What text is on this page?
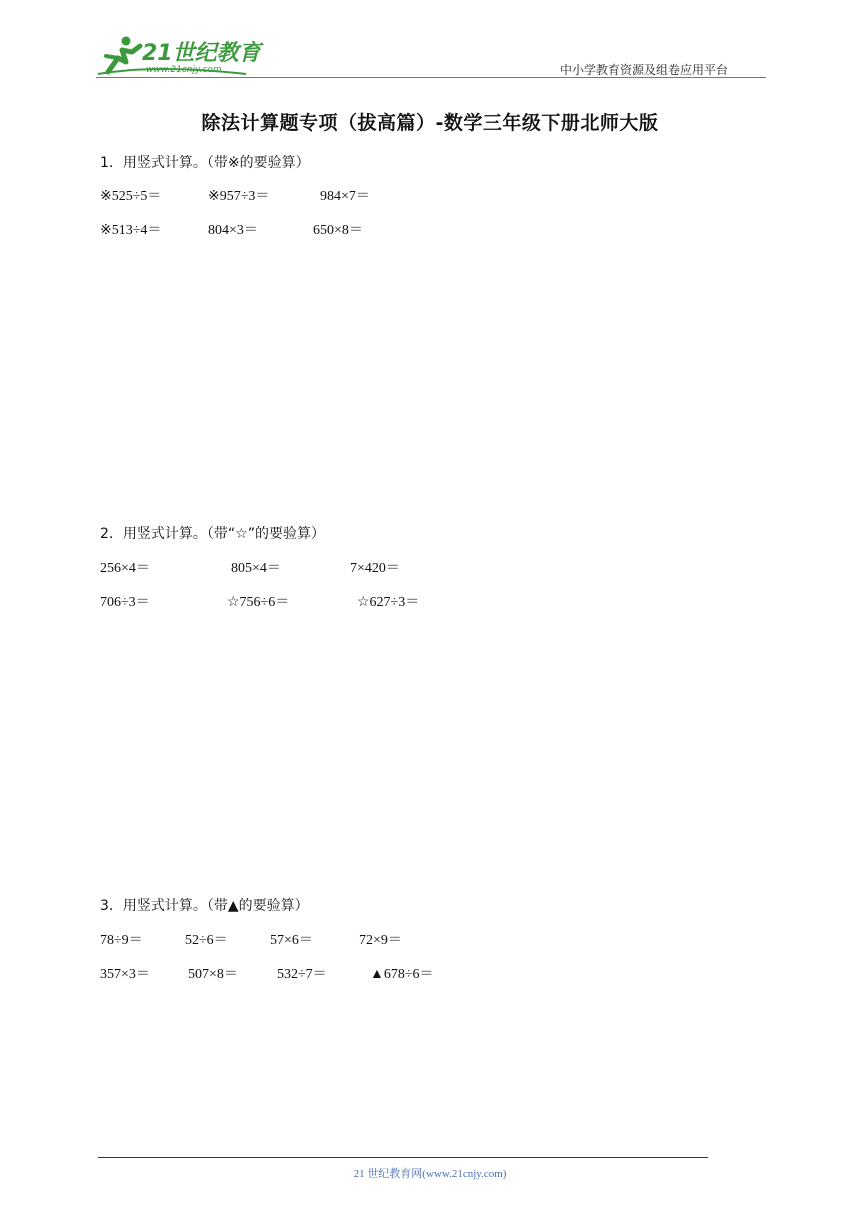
21世纪教育
www.21cnjy.com	中小学教育资源及组卷应用平台
除法计算题专项（拔高篇）-数学三年级下册北师大版
1．用竖式计算。（带※的要验算）
※525÷5＝	※957÷3＝	984×7＝
※513÷4＝	804×3＝	650×8＝
2．用竖式计算。（带“☆”的要验算）
256×4＝	805×4＝	7×420＝
706÷3＝	☆756÷6＝	☆627÷3＝
3．用竖式计算。（带▲的要验算）
78÷9＝	52÷6＝	57×6＝	72×9＝
357×3＝	507×8＝	532÷7＝	▲678÷6＝
21 世纪教育网(www.21cnjy.com)
